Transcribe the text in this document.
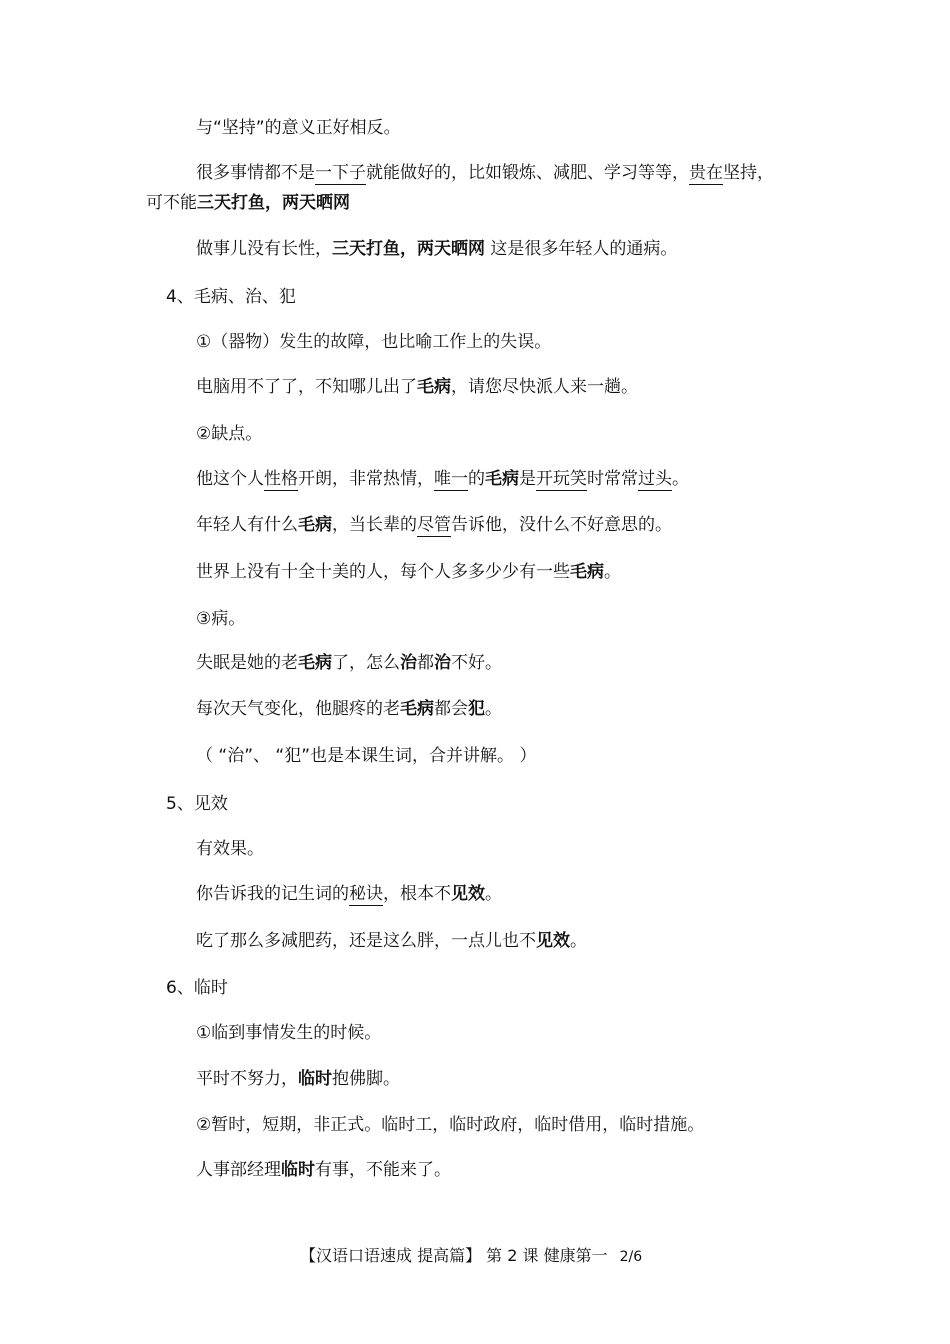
与“坚持”的意义正好相反。
很多事情都不是一下子就能做好的，比如锻炼、减肥、学习等等，贵在坚持，
可不能三天打鱼，两天晒网
做事儿没有长性，三天打鱼，两天晒网 这是很多年轻人的通病。
4、毛病、治、犯
①（器物）发生的故障，也比喻工作上的失误。
电脑用不了了，不知哪儿出了毛病，请您尽快派人来一趟。
②缺点。
他这个人性格开朗，非常热情，唯一的毛病是开玩笑时常常过头。
年轻人有什么毛病，当长辈的尽管告诉他，没什么不好意思的。
世界上没有十全十美的人，每个人多多少少有一些毛病。
③病。
失眠是她的老毛病了，怎么治都治不好。
每次天气变化，他腿疼的老毛病都会犯。
（ “治”、 “犯”也是本课生词，合并讲解。 ）
5、见效
有效果。
你告诉我的记生词的秘诀，根本不见效。
吃了那么多减肥药，还是这么胖，一点儿也不见效。
6、临时
①临到事情发生的时候。
平时不努力，临时抱佛脚。
②暂时，短期，非正式。临时工，临时政府，临时借用，临时措施。
人事部经理临时有事，不能来了。
【汉语口语速成 提高篇】 第 2 课 健康第一 2/6
